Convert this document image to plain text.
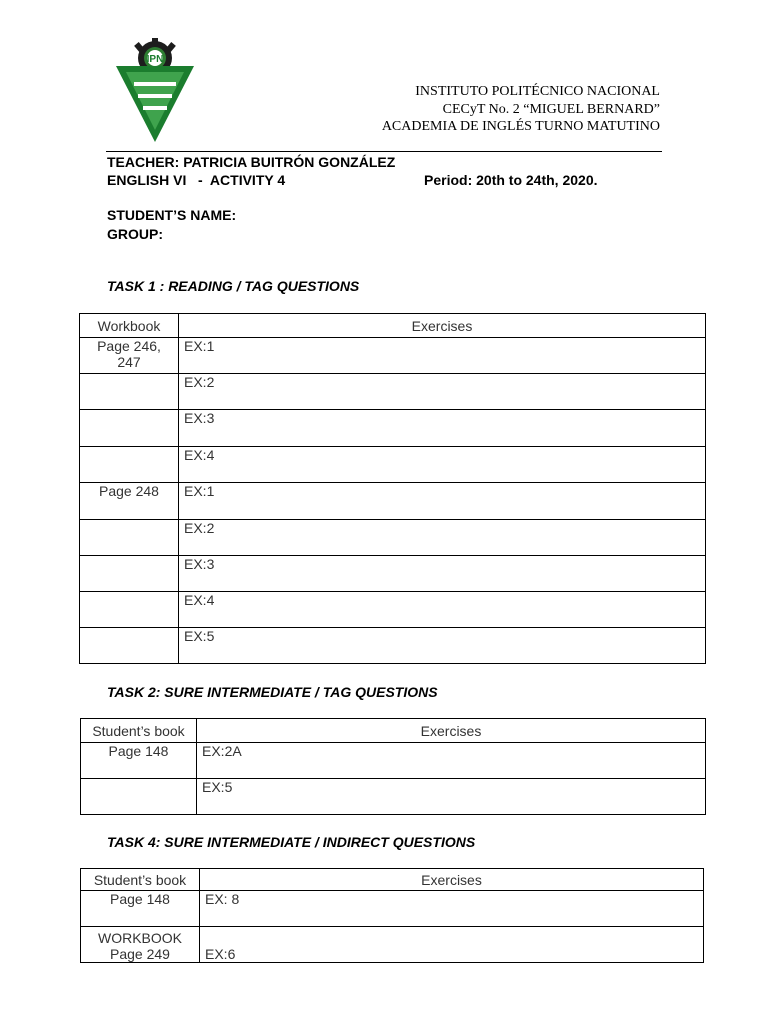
IPN
INSTITUTO POLITÉCNICO NACIONAL
CECyT No. 2 “MIGUEL BERNARD”
ACADEMIA DE INGLÉS TURNO MATUTINO
TEACHER: PATRICIA BUITRÓN GONZÁLEZ
ENGLISH VI   -  ACTIVITY 4	Period: 20th to 24th, 2020.
STUDENT’S NAME:
GROUP:
TASK 1 : READING / TAG QUESTIONS
Workbook	Exercises
Page 246, 247	EX:1
	EX:2
	EX:3
	EX:4
Page 248	EX:1
	EX:2
	EX:3
	EX:4
	EX:5
TASK 2: SURE INTERMEDIATE / TAG QUESTIONS
Student’s book	Exercises
Page 148	EX:2A
	EX:5
TASK 4: SURE INTERMEDIATE / INDIRECT QUESTIONS
Student’s book	Exercises
Page 148	EX: 8
WORKBOOK Page 249	EX:6
